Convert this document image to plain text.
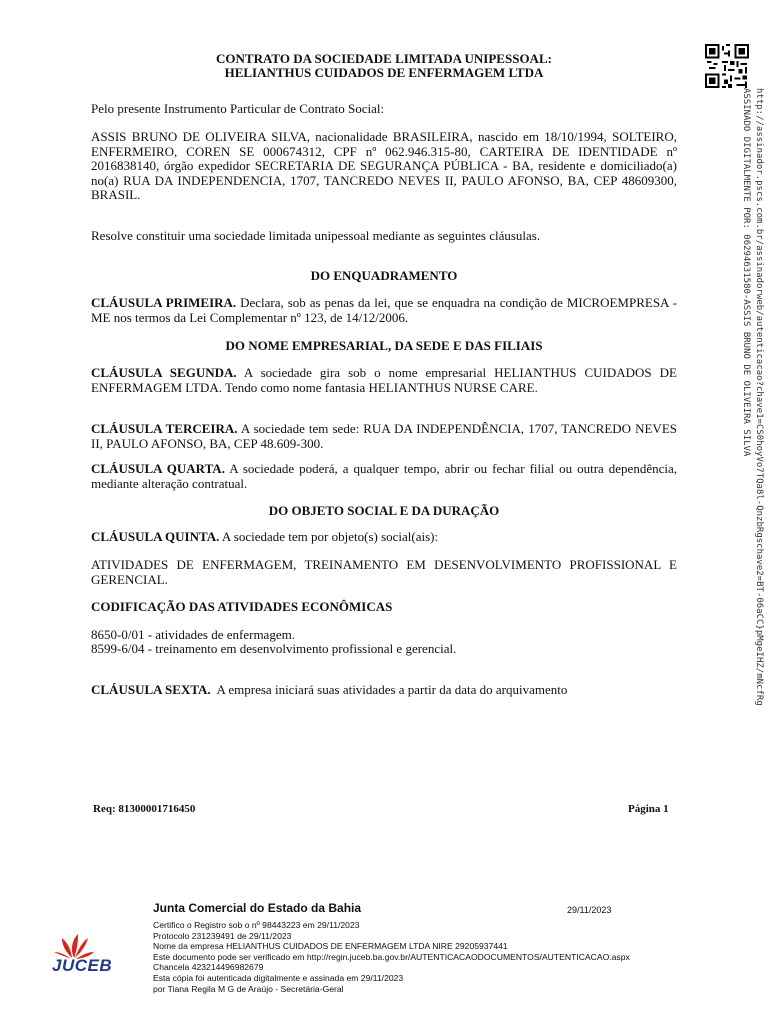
CONTRATO DA SOCIEDADE LIMITADA UNIPESSOAL:
HELIANTHUS CUIDADOS DE ENFERMAGEM LTDA
Pelo presente Instrumento Particular de Contrato Social:
ASSIS BRUNO DE OLIVEIRA SILVA, nacionalidade BRASILEIRA, nascido em 18/10/1994, SOLTEIRO, ENFERMEIRO, COREN SE 000674312, CPF nº 062.946.315-80, CARTEIRA DE IDENTIDADE nº 2016838140, órgão expedidor SECRETARIA DE SEGURANÇA PÚBLICA - BA, residente e domiciliado(a) no(a) RUA DA INDEPENDENCIA, 1707, TANCREDO NEVES II, PAULO AFONSO, BA, CEP 48609300, BRASIL.
Resolve constituir uma sociedade limitada unipessoal mediante as seguintes cláusulas.
DO ENQUADRAMENTO
CLÁUSULA PRIMEIRA. Declara, sob as penas da lei, que se enquadra na condição de MICROEMPRESA - ME nos termos da Lei Complementar nº 123, de 14/12/2006.
DO NOME EMPRESARIAL, DA SEDE E DAS FILIAIS
CLÁUSULA SEGUNDA. A sociedade gira sob o nome empresarial HELIANTHUS CUIDADOS DE ENFERMAGEM LTDA. Tendo como nome fantasia HELIANTHUS NURSE CARE.
CLÁUSULA TERCEIRA. A sociedade tem sede: RUA DA INDEPENDÊNCIA, 1707, TANCREDO NEVES II, PAULO AFONSO, BA, CEP 48.609-300.
CLÁUSULA QUARTA. A sociedade poderá, a qualquer tempo, abrir ou fechar filial ou outra dependência, mediante alteração contratual.
DO OBJETO SOCIAL E DA DURAÇÃO
CLÁUSULA QUINTA. A sociedade tem por objeto(s) social(ais):
ATIVIDADES DE ENFERMAGEM, TREINAMENTO EM DESENVOLVIMENTO PROFISSIONAL E GERENCIAL.
CODIFICAÇÃO DAS ATIVIDADES ECONÔMICAS
8650-0/01 - atividades de enfermagem.
8599-6/04 - treinamento em desenvolvimento profissional e gerencial.
CLÁUSULA SEXTA.  A empresa iniciará suas atividades a partir da data do arquivamento
Req: 81300001716450	Página 1
http://assinador.pscs.com.br/assinadorweb/autenticacao?chave1=CS0hoyVo7TQa8l-QnzbRgschave2=BT-06aCC}pMgeIHZ/mNcfRg
ASSINADO DIGITALMENTE POR: 06294631580-ASSIS BRUNO DE OLIVEIRA SILVA
JUCEB
Junta Comercial do Estado da Bahia	29/11/2023
Certifico o Registro sob o nº 98443223 em 29/11/2023
Protocolo 231239491 de 29/11/2023
Nome da empresa HELIANTHUS CUIDADOS DE ENFERMAGEM LTDA NIRE 29205937441
Este documento pode ser verificado em http://regin.juceb.ba.gov.br/AUTENTICACAODOCUMENTOS/AUTENTICACAO.aspx
Chancela 423214496982679
Esta cópia foi autenticada digitalmente e assinada em 29/11/2023
por Tiana Regila M G de Araújo - Secretária-Geral
